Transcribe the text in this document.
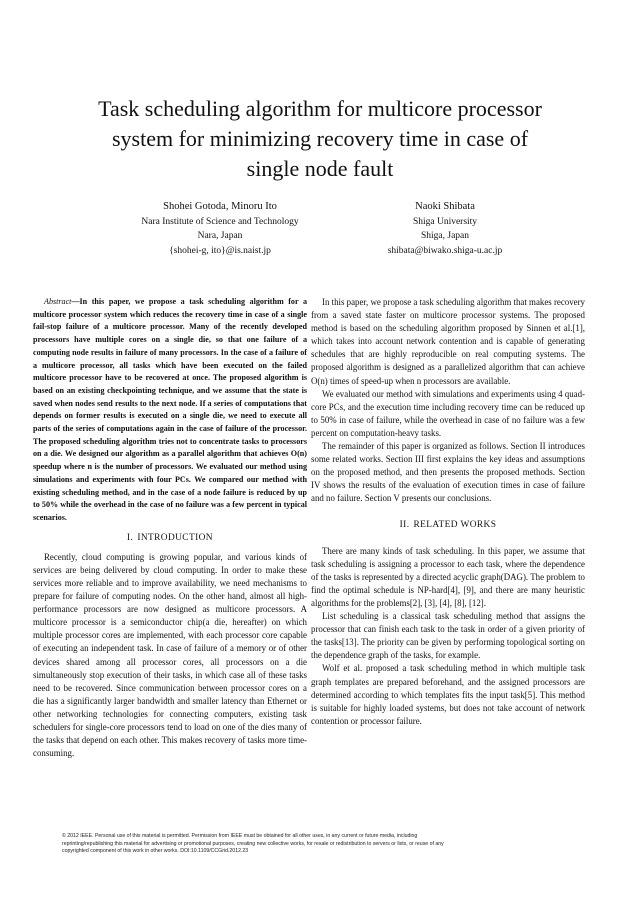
Task scheduling algorithm for multicore processor
system for minimizing recovery time in case of
single node fault
Shohei Gotoda, Minoru Ito
Nara Institute of Science and Technology
Nara, Japan
{shohei-g, ito}@is.naist.jp
Naoki Shibata
Shiga University
Shiga, Japan
shibata@biwako.shiga-u.ac.jp

Abstract—In this paper, we propose a task scheduling algorithm for a multicore processor system which reduces the recovery time in case of a single fail-stop failure of a multicore processor. Many of the recently developed processors have multiple cores on a single die, so that one failure of a computing node results in failure of many processors. In the case of a failure of a multicore processor, all tasks which have been executed on the failed multicore processor have to be recovered at once. The proposed algorithm is based on an existing checkpointing technique, and we assume that the state is saved when nodes send results to the next node. If a series of computations that depends on former results is executed on a single die, we need to execute all parts of the series of computations again in the case of failure of the processor. The proposed scheduling algorithm tries not to concentrate tasks to processors on a die. We designed our algorithm as a parallel algorithm that achieves O(n) speedup where n is the number of processors. We evaluated our method using simulations and experiments with four PCs. We compared our method with existing scheduling method, and in the case of a node failure is reduced by up to 50% while the overhead in the case of no failure was a few percent in typical scenarios.

I. INTRODUCTION

Recently, cloud computing is growing popular, and various kinds of services are being delivered by cloud computing. In order to make these services more reliable and to improve availability, we need mechanisms to prepare for failure of computing nodes. On the other hand, almost all high-performance processors are now designed as multicore processors. A multicore processor is a semiconductor chip(a die, hereafter) on which multiple processor cores are implemented, with each processor core capable of executing an independent task. In case of failure of a memory or of other devices shared among all processor cores, all processors on a die simultaneously stop execution of their tasks, in which case all of these tasks need to be recovered. Since communication between processor cores on a die has a significantly larger bandwidth and smaller latency than Ethernet or other networking technologies for connecting computers, existing task schedulers for single-core processors tend to load on one of the dies many of the tasks that depend on each other. This makes recovery of tasks more time-consuming.

In this paper, we propose a task scheduling algorithm that makes recovery from a saved state faster on multicore processor systems. The proposed method is based on the scheduling algorithm proposed by Sinnen et al.[1], which takes into account network contention and is capable of generating schedules that are highly reproducible on real computing systems. The proposed algorithm is designed as a parallelized algorithm that can achieve O(n) times of speed-up when n processors are available.

We evaluated our method with simulations and experiments using 4 quad-core PCs, and the execution time including recovery time can be reduced up to 50% in case of failure, while the overhead in case of no failure was a few percent on computation-heavy tasks.

The remainder of this paper is organized as follows. Section II introduces some related works. Section III first explains the key ideas and assumptions on the proposed method, and then presents the proposed methods. Section IV shows the results of the evaluation of execution times in case of failure and no failure. Section V presents our conclusions.

II. RELATED WORKS

There are many kinds of task scheduling. In this paper, we assume that task scheduling is assigning a processor to each task, where the dependence of the tasks is represented by a directed acyclic graph(DAG). The problem to find the optimal schedule is NP-hard[4], [9], and there are many heuristic algorithms for the problems[2], [3], [4], [8], [12].

List scheduling is a classical task scheduling method that assigns the processor that can finish each task to the task in order of a given priority of the tasks[13]. The priority can be given by performing topological sorting on the dependence graph of the tasks, for example.

Wolf et al. proposed a task scheduling method in which multiple task graph templates are prepared beforehand, and the assigned processors are determined according to which templates fits the input task[5]. This method is suitable for highly loaded systems, but does not take account of network contention or processor failure.

© 2012 IEEE. Personal use of this material is permitted. Permission from IEEE must be obtained for all other uses, in any current or future media, including
reprinting/republishing this material for advertising or promotional purposes, creating new collective works, for resale or redistribution to servers or lists, or reuse of any
copyrighted component of this work in other works. DOI:10.1109/CCGrid.2012.23
